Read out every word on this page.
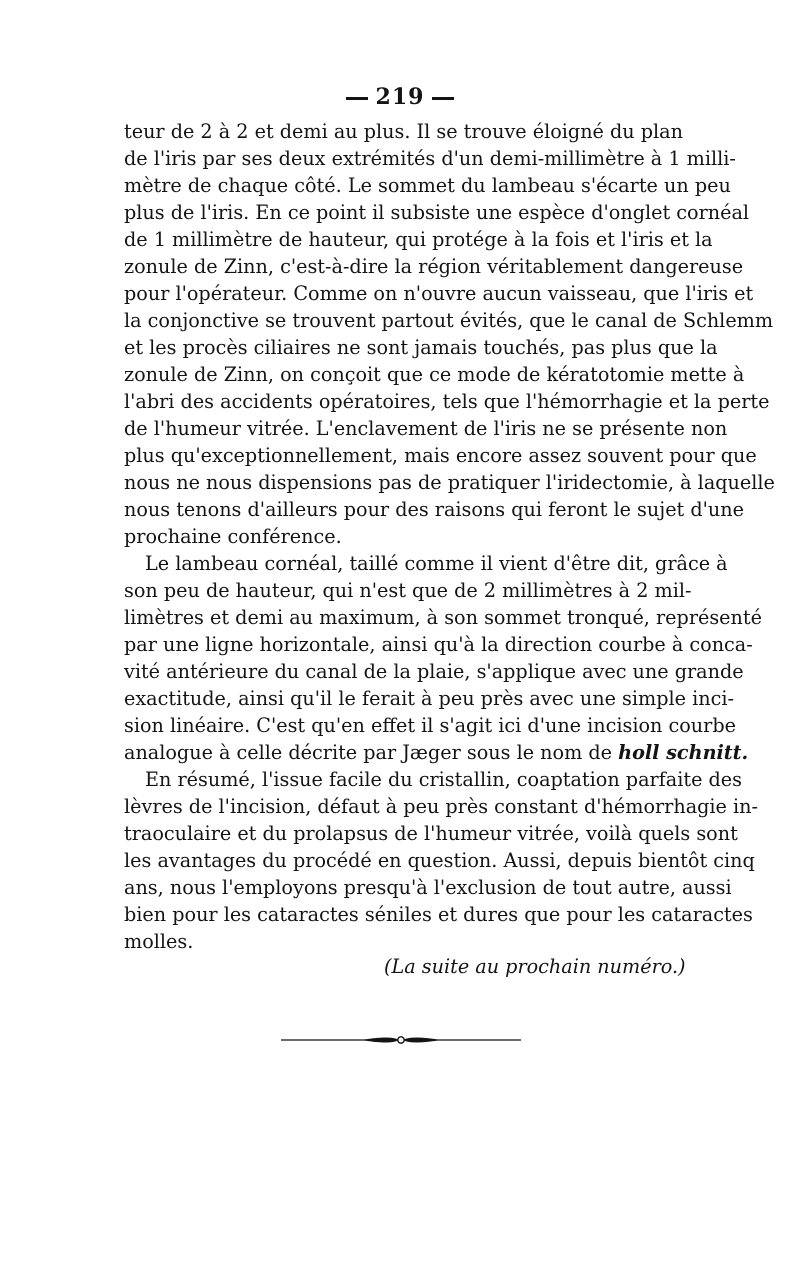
219
teur de 2 à 2 et demi au plus. Il se trouve éloigné du plan
de l'iris par ses deux extrémités d'un demi-millimètre à 1 milli-
mètre de chaque côté. Le sommet du lambeau s'écarte un peu
plus de l'iris. En ce point il subsiste une espèce d'onglet cornéal
de 1 millimètre de hauteur, qui protége à la fois et l'iris et la
zonule de Zinn, c'est-à-dire la région véritablement dangereuse
pour l'opérateur. Comme on n'ouvre aucun vaisseau, que l'iris et
la conjonctive se trouvent partout évités, que le canal de Schlemm
et les procès ciliaires ne sont jamais touchés, pas plus que la
zonule de Zinn, on conçoit que ce mode de kératotomie mette à
l'abri des accidents opératoires, tels que l'hémorrhagie et la perte
de l'humeur vitrée. L'enclavement de l'iris ne se présente non
plus qu'exceptionnellement, mais encore assez souvent pour que
nous ne nous dispensions pas de pratiquer l'iridectomie, à laquelle
nous tenons d'ailleurs pour des raisons qui feront le sujet d'une
prochaine conférence.
Le lambeau cornéal, taillé comme il vient d'être dit, grâce à
son peu de hauteur, qui n'est que de 2 millimètres à 2 mil-
limètres et demi au maximum, à son sommet tronqué, représenté
par une ligne horizontale, ainsi qu'à la direction courbe à conca-
vité antérieure du canal de la plaie, s'applique avec une grande
exactitude, ainsi qu'il le ferait à peu près avec une simple inci-
sion linéaire. C'est qu'en effet il s'agit ici d'une incision courbe
analogue à celle décrite par Jæger sous le nom de holl schnitt.
En résumé, l'issue facile du cristallin, coaptation parfaite des
lèvres de l'incision, défaut à peu près constant d'hémorrhagie in-
traoculaire et du prolapsus de l'humeur vitrée, voilà quels sont
les avantages du procédé en question. Aussi, depuis bientôt cinq
ans, nous l'employons presqu'à l'exclusion de tout autre, aussi
bien pour les cataractes séniles et dures que pour les cataractes
molles.
(La suite au prochain numéro.)
